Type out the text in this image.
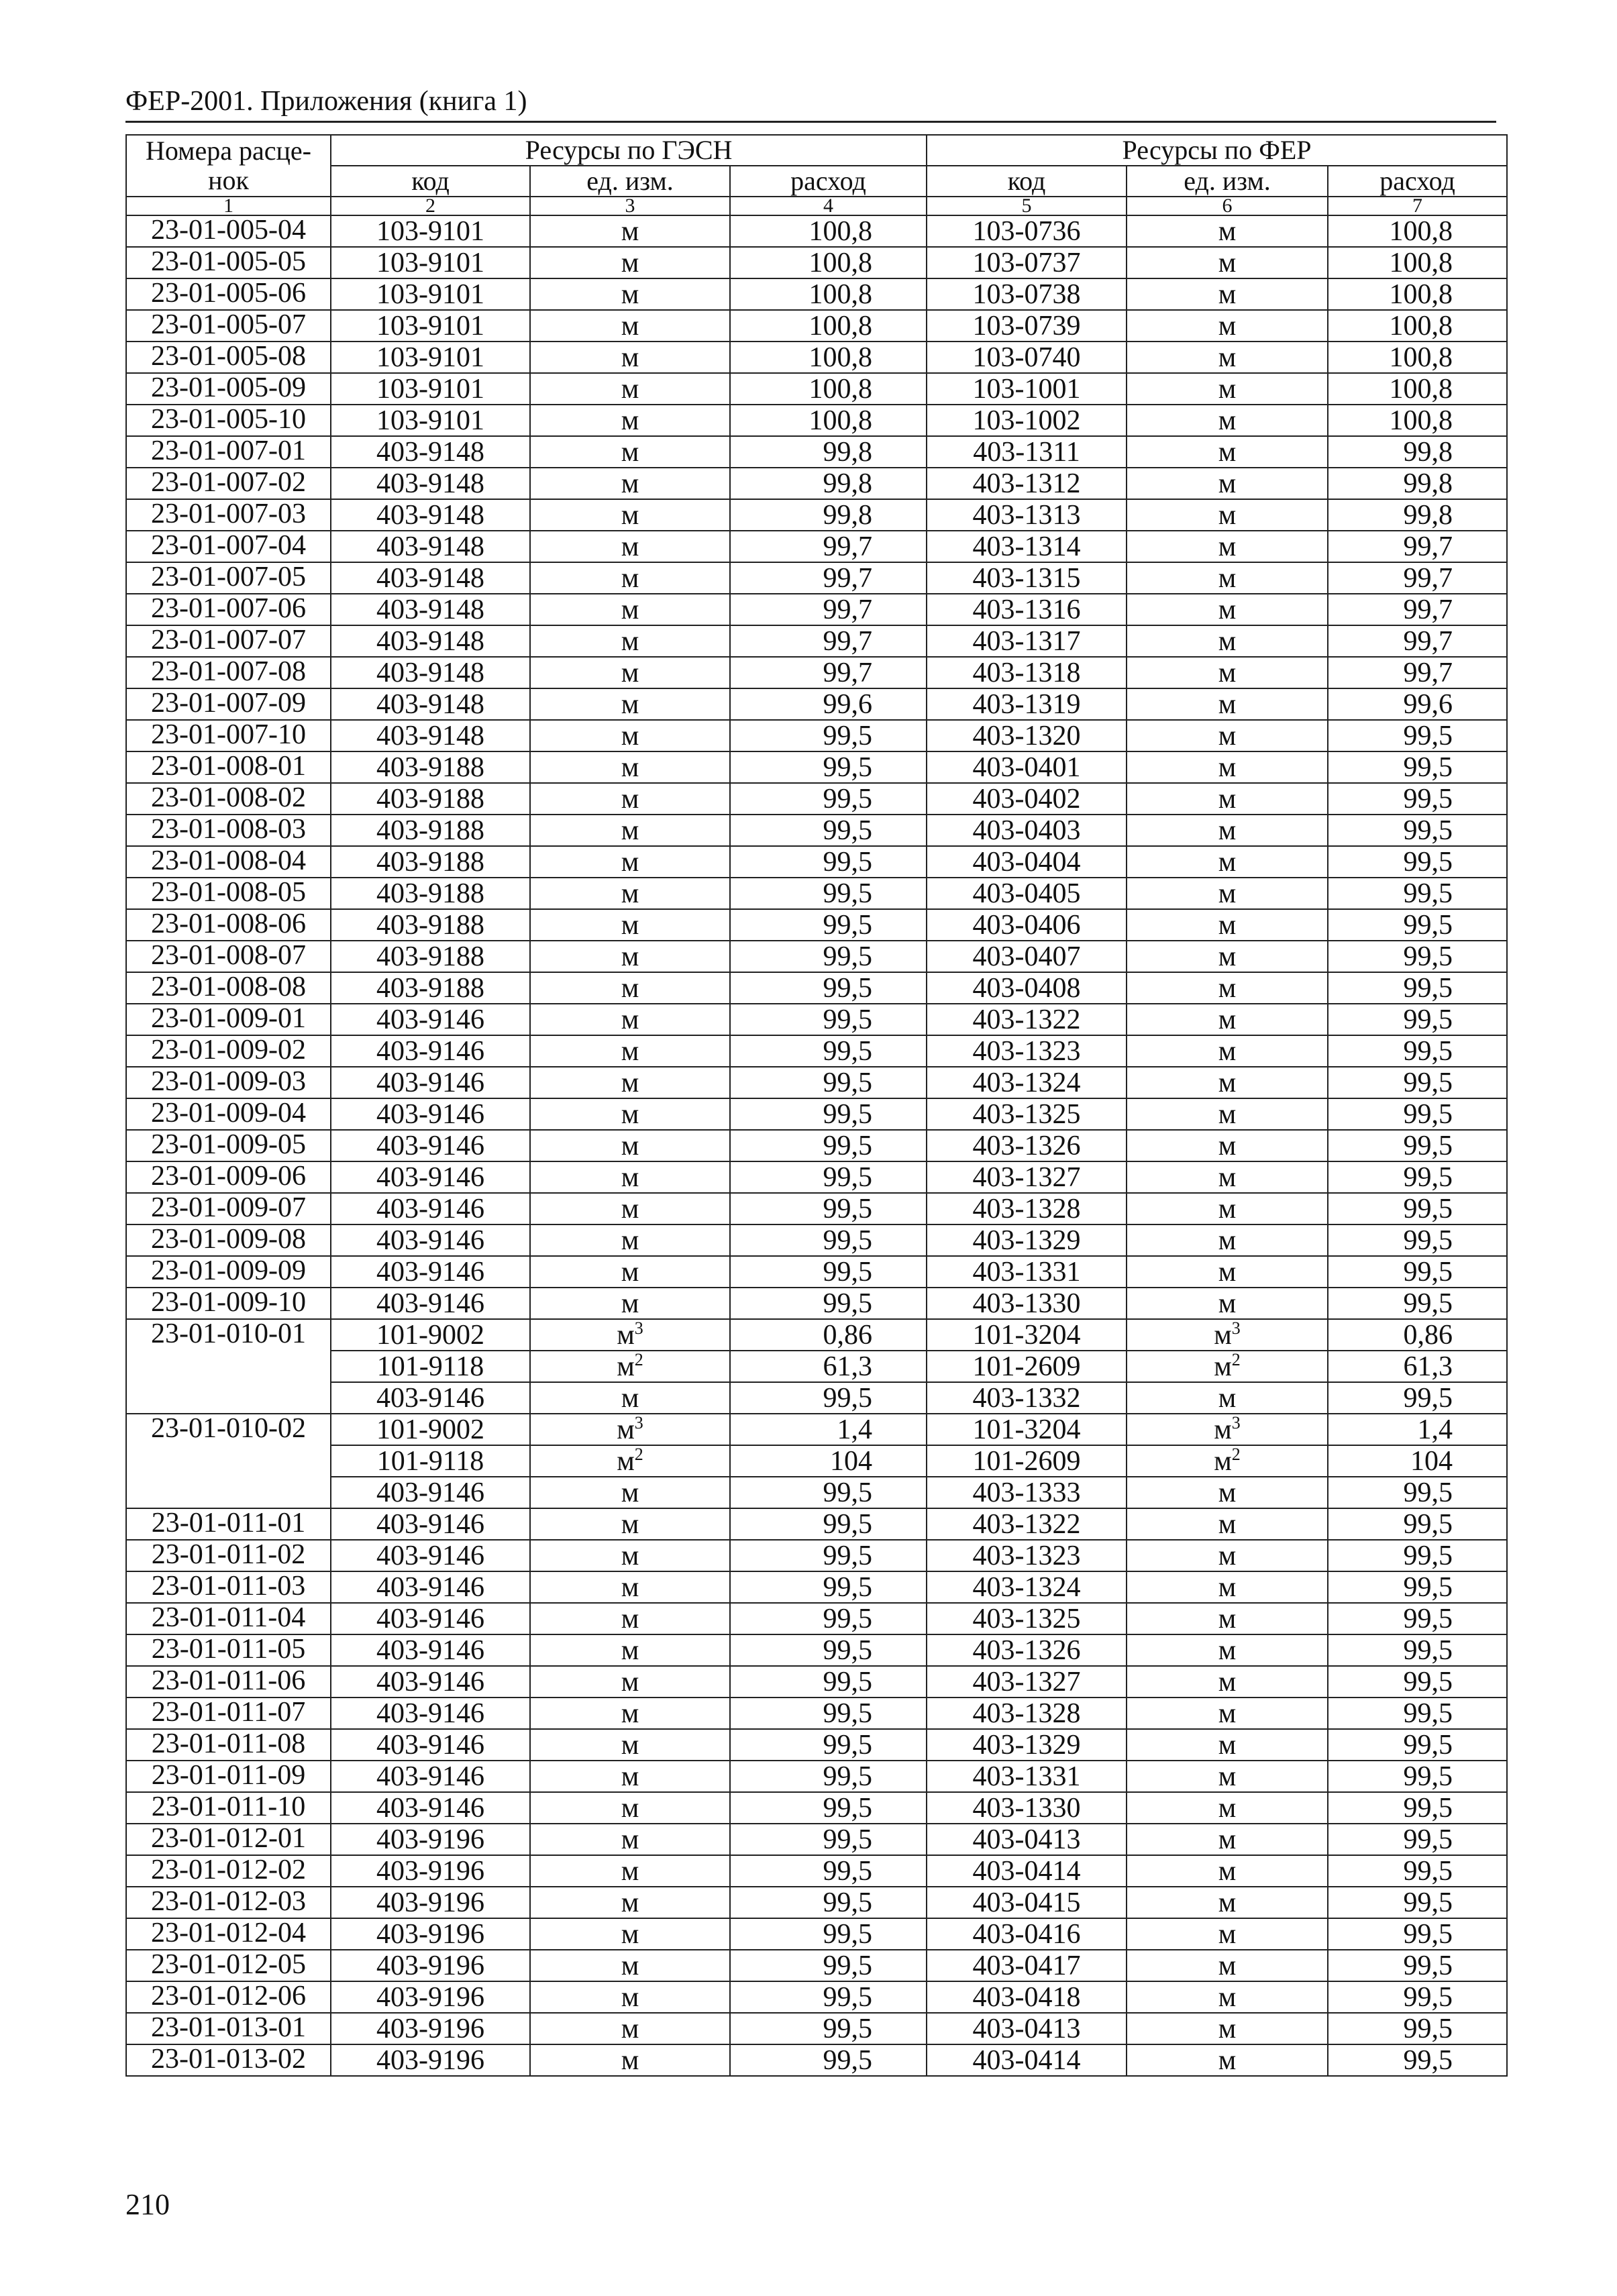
ФЕР-2001. Приложения (книга 1)
Номера расце-
нок	Ресурсы по ГЭСН			Ресурсы по ФЕР		
	код	ед. изм.	расход	код	ед. изм.	расход
1	2	3	4	5	6	7
23-01-005-04	103-9101	м	100,8	103-0736	м	100,8
23-01-005-05	103-9101	м	100,8	103-0737	м	100,8
23-01-005-06	103-9101	м	100,8	103-0738	м	100,8
23-01-005-07	103-9101	м	100,8	103-0739	м	100,8
23-01-005-08	103-9101	м	100,8	103-0740	м	100,8
23-01-005-09	103-9101	м	100,8	103-1001	м	100,8
23-01-005-10	103-9101	м	100,8	103-1002	м	100,8
23-01-007-01	403-9148	м	99,8	403-1311	м	99,8
23-01-007-02	403-9148	м	99,8	403-1312	м	99,8
23-01-007-03	403-9148	м	99,8	403-1313	м	99,8
23-01-007-04	403-9148	м	99,7	403-1314	м	99,7
23-01-007-05	403-9148	м	99,7	403-1315	м	99,7
23-01-007-06	403-9148	м	99,7	403-1316	м	99,7
23-01-007-07	403-9148	м	99,7	403-1317	м	99,7
23-01-007-08	403-9148	м	99,7	403-1318	м	99,7
23-01-007-09	403-9148	м	99,6	403-1319	м	99,6
23-01-007-10	403-9148	м	99,5	403-1320	м	99,5
23-01-008-01	403-9188	м	99,5	403-0401	м	99,5
23-01-008-02	403-9188	м	99,5	403-0402	м	99,5
23-01-008-03	403-9188	м	99,5	403-0403	м	99,5
23-01-008-04	403-9188	м	99,5	403-0404	м	99,5
23-01-008-05	403-9188	м	99,5	403-0405	м	99,5
23-01-008-06	403-9188	м	99,5	403-0406	м	99,5
23-01-008-07	403-9188	м	99,5	403-0407	м	99,5
23-01-008-08	403-9188	м	99,5	403-0408	м	99,5
23-01-009-01	403-9146	м	99,5	403-1322	м	99,5
23-01-009-02	403-9146	м	99,5	403-1323	м	99,5
23-01-009-03	403-9146	м	99,5	403-1324	м	99,5
23-01-009-04	403-9146	м	99,5	403-1325	м	99,5
23-01-009-05	403-9146	м	99,5	403-1326	м	99,5
23-01-009-06	403-9146	м	99,5	403-1327	м	99,5
23-01-009-07	403-9146	м	99,5	403-1328	м	99,5
23-01-009-08	403-9146	м	99,5	403-1329	м	99,5
23-01-009-09	403-9146	м	99,5	403-1331	м	99,5
23-01-009-10	403-9146	м	99,5	403-1330	м	99,5
23-01-010-01	101-9002	$м^3$	0,86	101-3204	$м^3$	0,86
	101-9118	$м^2$	61,3	101-2609	$м^2$	61,3
	403-9146	м	99,5	403-1332	м	99,5
23-01-010-02	101-9002	$м^3$	1,4	101-3204	$м^3$	1,4
	101-9118	$м^2$	104	101-2609	$м^2$	104
	403-9146	м	99,5	403-1333	м	99,5
23-01-011-01	403-9146	м	99,5	403-1322	м	99,5
23-01-011-02	403-9146	м	99,5	403-1323	м	99,5
23-01-011-03	403-9146	м	99,5	403-1324	м	99,5
23-01-011-04	403-9146	м	99,5	403-1325	м	99,5
23-01-011-05	403-9146	м	99,5	403-1326	м	99,5
23-01-011-06	403-9146	м	99,5	403-1327	м	99,5
23-01-011-07	403-9146	м	99,5	403-1328	м	99,5
23-01-011-08	403-9146	м	99,5	403-1329	м	99,5
23-01-011-09	403-9146	м	99,5	403-1331	м	99,5
23-01-011-10	403-9146	м	99,5	403-1330	м	99,5
23-01-012-01	403-9196	м	99,5	403-0413	м	99,5
23-01-012-02	403-9196	м	99,5	403-0414	м	99,5
23-01-012-03	403-9196	м	99,5	403-0415	м	99,5
23-01-012-04	403-9196	м	99,5	403-0416	м	99,5
23-01-012-05	403-9196	м	99,5	403-0417	м	99,5
23-01-012-06	403-9196	м	99,5	403-0418	м	99,5
23-01-013-01	403-9196	м	99,5	403-0413	м	99,5
23-01-013-02	403-9196	м	99,5	403-0414	м	99,5
210
